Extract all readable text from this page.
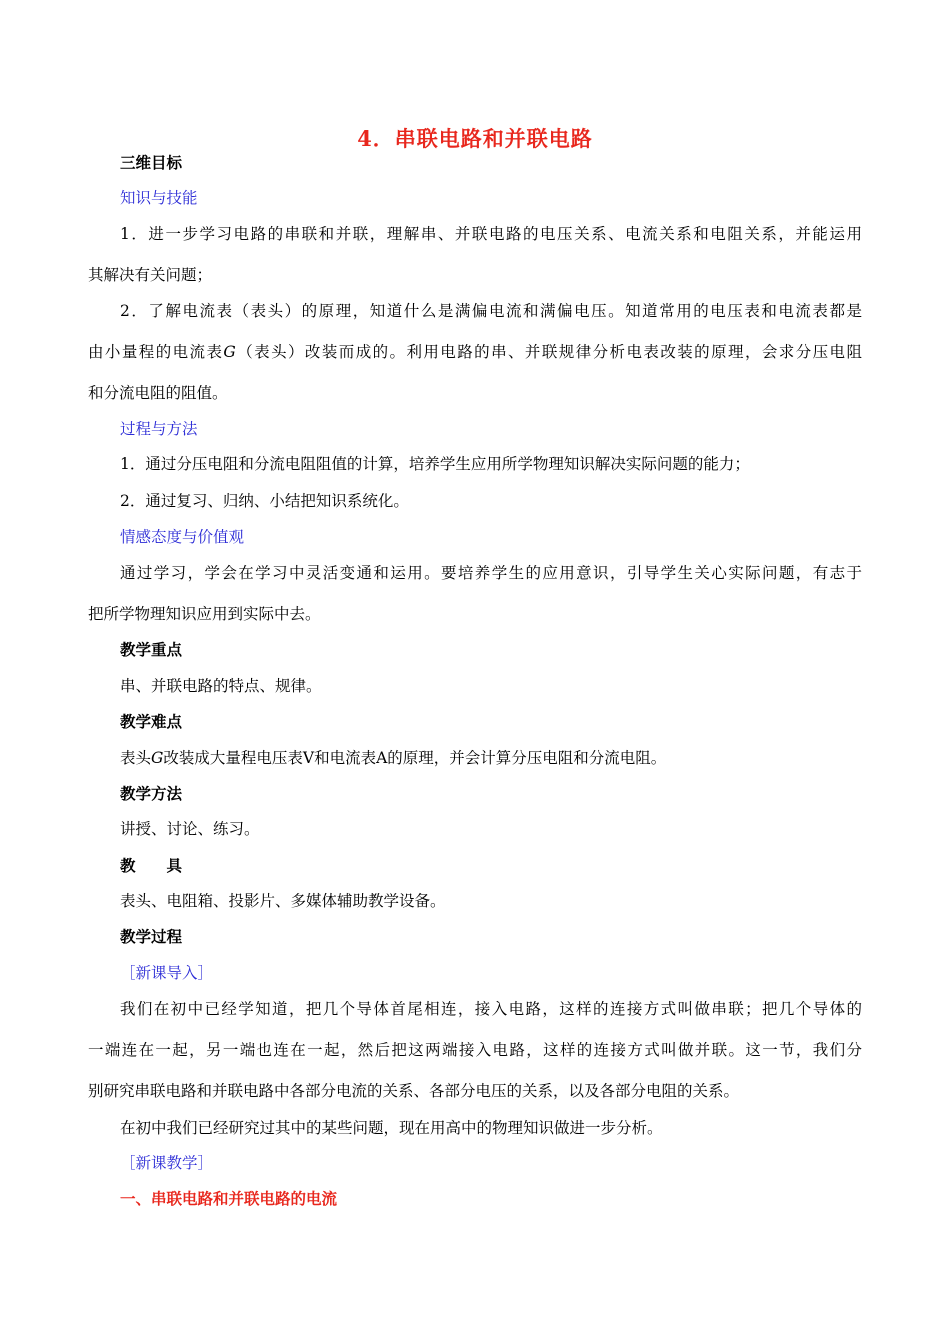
4．串联电路和并联电路
三维目标
知识与技能
1．进一步学习电路的串联和并联，理解串、并联电路的电压关系、电流关系和电阻关系，并能运用
其解决有关问题；
2．了解电流表（表头）的原理，知道什么是满偏电流和满偏电压。知道常用的电压表和电流表都是
由小量程的电流表G（表头）改装而成的。利用电路的串、并联规律分析电表改装的原理，会求分压电阻
和分流电阻的阻值。
过程与方法
1．通过分压电阻和分流电阻阻值的计算，培养学生应用所学物理知识解决实际问题的能力；
2．通过复习、归纳、小结把知识系统化。
情感态度与价值观
通过学习，学会在学习中灵活变通和运用。要培养学生的应用意识，引导学生关心实际问题，有志于
把所学物理知识应用到实际中去。
教学重点
串、并联电路的特点、规律。
教学难点
表头G改装成大量程电压表V和电流表A的原理，并会计算分压电阻和分流电阻。
教学方法
讲授、讨论、练习。
教　　具
表头、电阻箱、投影片、多媒体辅助教学设备。
教学过程
［新课导入］
我们在初中已经学知道，把几个导体首尾相连，接入电路，这样的连接方式叫做串联；把几个导体的
一端连在一起，另一端也连在一起，然后把这两端接入电路，这样的连接方式叫做并联。这一节，我们分
别研究串联电路和并联电路中各部分电流的关系、各部分电压的关系，以及各部分电阻的关系。
在初中我们已经研究过其中的某些问题，现在用高中的物理知识做进一步分析。
［新课教学］
一、串联电路和并联电路的电流
